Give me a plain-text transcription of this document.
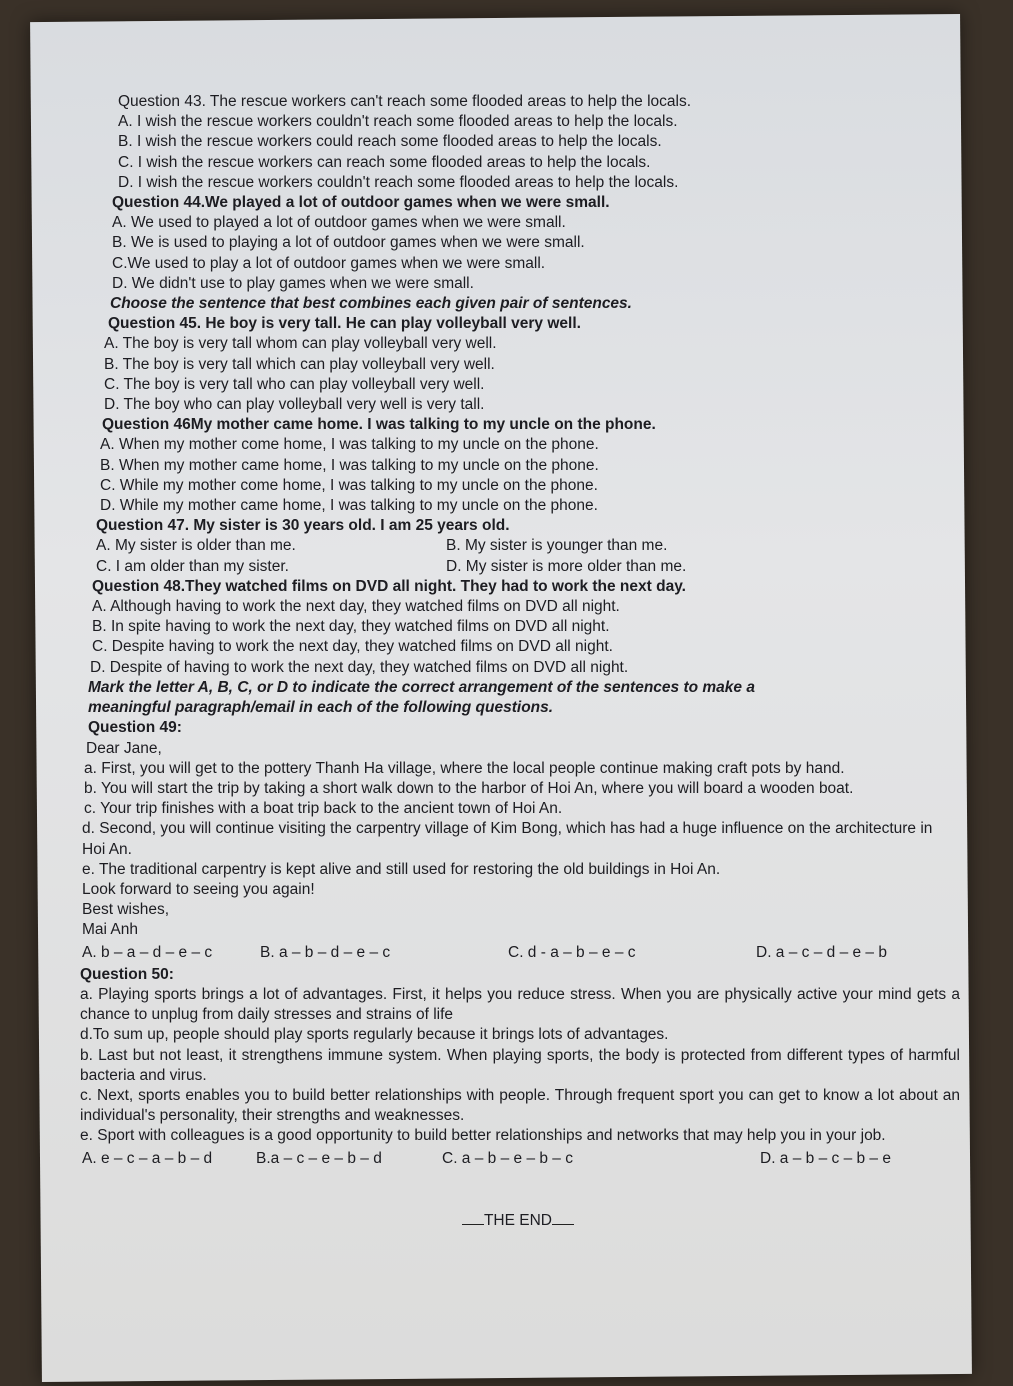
Question 43. The rescue workers can't reach some flooded areas to help the locals.
A. I wish the rescue workers couldn't reach some flooded areas to help the locals.
B. I wish the rescue workers could reach some flooded areas to help the locals.
C. I wish the rescue workers can reach some flooded areas to help the locals.
D. I wish the rescue workers couldn't reach some flooded areas to help the locals.
Question 44.We played a lot of outdoor games when we were small.
A. We used to played a lot of outdoor games when we were small.
B. We is used to playing a lot of outdoor games when we were small.
C.We used to play a lot of outdoor games when we were small.
D. We didn't use to play games when we were small.
Choose the sentence that best combines each given pair of sentences.
Question 45. He boy is very tall. He can play volleyball very well.
A. The boy is very tall whom can play volleyball very well.
B. The boy is very tall which can play volleyball very well.
C. The boy is very tall who can play volleyball very well.
D. The boy who can play volleyball very well is very tall.
Question 46My mother came home. I was talking to my uncle on the phone.
A. When my mother come home, I was talking to my uncle on the phone.
B. When my mother came home, I was talking to my uncle on the phone.
C. While my mother come home, I was talking to my uncle on the phone.
D. While my mother came home, I was talking to my uncle on the phone.
Question 47. My sister is 30 years old. I am 25 years old.
A. My sister is older than me.	B. My sister is younger than me.
C. I am older than my sister.	D. My sister is more older than me.
Question 48.They watched films on DVD all night. They had to work the next day.
A. Although having to work the next day, they watched films on DVD all night.
B. In spite having to work the next day, they watched films on DVD all night.
C. Despite having to work the next day, they watched films on DVD all night.
D. Despite of having to work the next day, they watched films on DVD all night.
Mark the letter A, B, C, or D to indicate the correct arrangement of the sentences to make a
meaningful paragraph/email in each of the following questions.
Question 49:
Dear Jane,
a. First, you will get to the pottery Thanh Ha village, where the local people continue making craft pots by hand.
b. You will start the trip by taking a short walk down to the harbor of Hoi An, where you will board a wooden boat.
c. Your trip finishes with a boat trip back to the ancient town of Hoi An.
d. Second, you will continue visiting the carpentry village of Kim Bong, which has had a huge influence on the architecture in Hoi An.
e. The traditional carpentry is kept alive and still used for restoring the old buildings in Hoi An.
Look forward to seeing you again!
Best wishes,
Mai Anh
A. b – a – d – e – c	B. a – b – d – e – c	C. d - a – b – e – c	D. a – c – d – e – b
Question 50:
a. Playing sports brings a lot of advantages. First, it helps you reduce stress. When you are physically active your mind gets a chance to unplug from daily stresses and strains of life
d.To sum up, people should play sports regularly because it brings lots of advantages.
b. Last but not least, it strengthens immune system. When playing sports, the body is protected from different types of harmful bacteria and virus.
c. Next, sports enables you to build better relationships with people. Through frequent sport you can get to know a lot about an individual's personality, their strengths and weaknesses.
e. Sport with colleagues is a good opportunity to build better relationships and networks that may help you in your job.
A. e – c – a – b – d	B.a – c – e – b – d	C. a – b – e – b – c	D. a – b – c – b – e
THE END
